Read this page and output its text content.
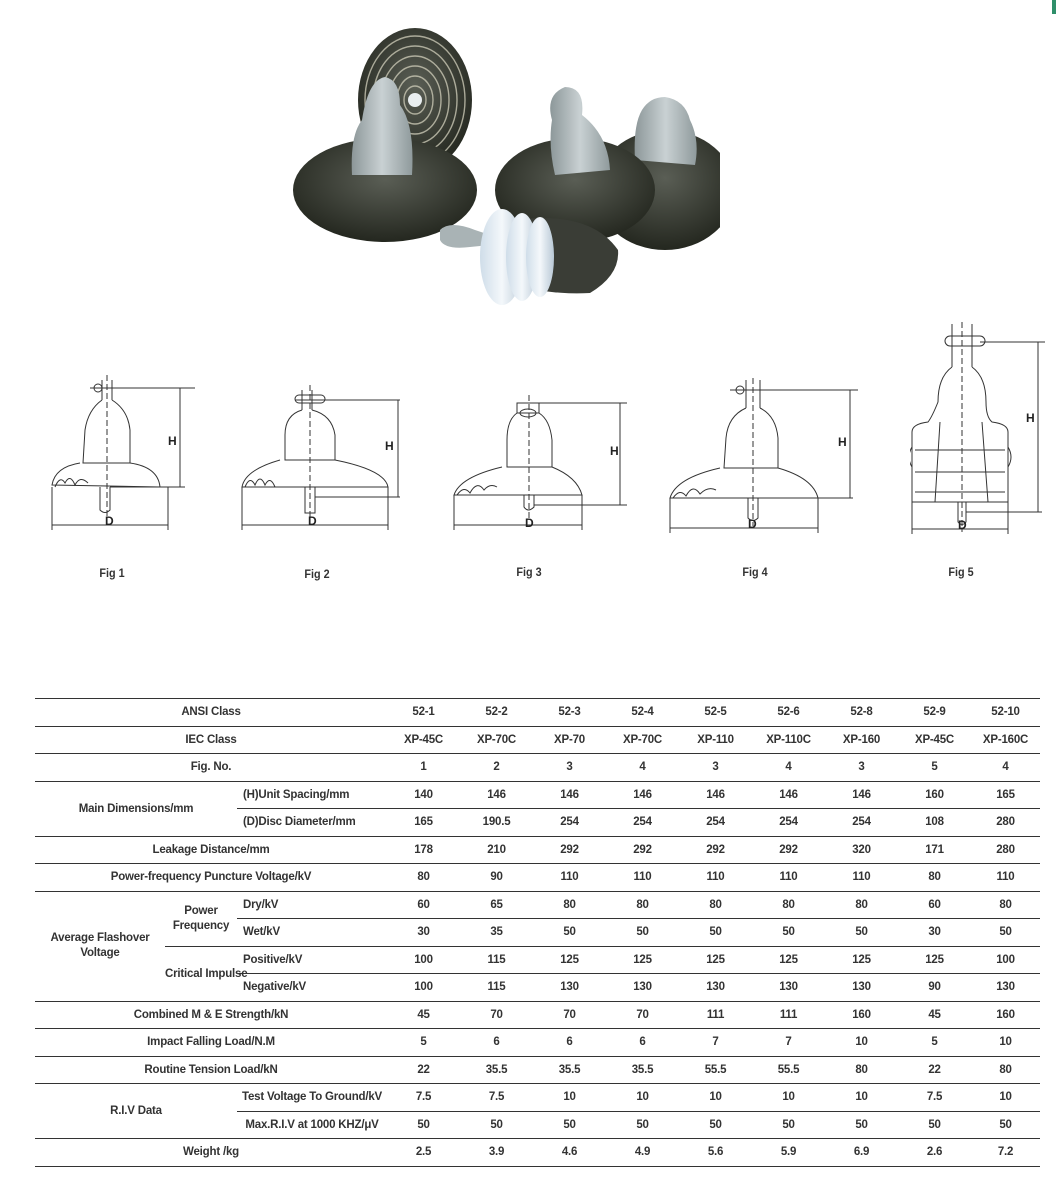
D
H
Fig 1
D
H
Fig 2
D
H
Fig 3
D
H
Fig 4
D
H
Fig 5
ANSI Class			52-1	52-2	52-3	52-4	52-5	52-6	52-8	52-9	52-10
IEC Class			XP-45C	XP-70C	XP-70	XP-70C	XP-110	XP-110C	XP-160	XP-45C	XP-160C
Fig. No.			1	2	3	4	3	4	3	5	4
Main Dimensions/mm		(H)Unit Spacing/mm	140	146	146	146	146	146	146	160	165
		(D)Disc Diameter/mm	165	190.5	254	254	254	254	254	108	280
Leakage Distance/mm			178	210	292	292	292	292	320	171	280
Power-frequency Puncture Voltage/kV			80	90	110	110	110	110	110	80	110
Average Flashover Voltage	Power Frequency	Dry/kV	60	65	80	80	80	80	80	60	80
		Wet/kV	30	35	50	50	50	50	50	30	50
	Critical Impulse	Positive/kV	100	115	125	125	125	125	125	125	100
		Negative/kV	100	115	130	130	130	130	130	90	130
Combined M & E Strength/kN			45	70	70	70	111	111	160	45	160
Impact Falling Load/N.M			5	6	6	6	7	7	10	5	10
Routine Tension Load/kN			22	35.5	35.5	35.5	55.5	55.5	80	22	80
R.I.V Data		Test Voltage To Ground/kV	7.5	7.5	10	10	10	10	10	7.5	10
		Max.R.I.V at 1000 KHZ/μV	50	50	50	50	50	50	50	50	50
Weight /kg			2.5	3.9	4.6	4.9	5.6	5.9	6.9	2.6	7.2
